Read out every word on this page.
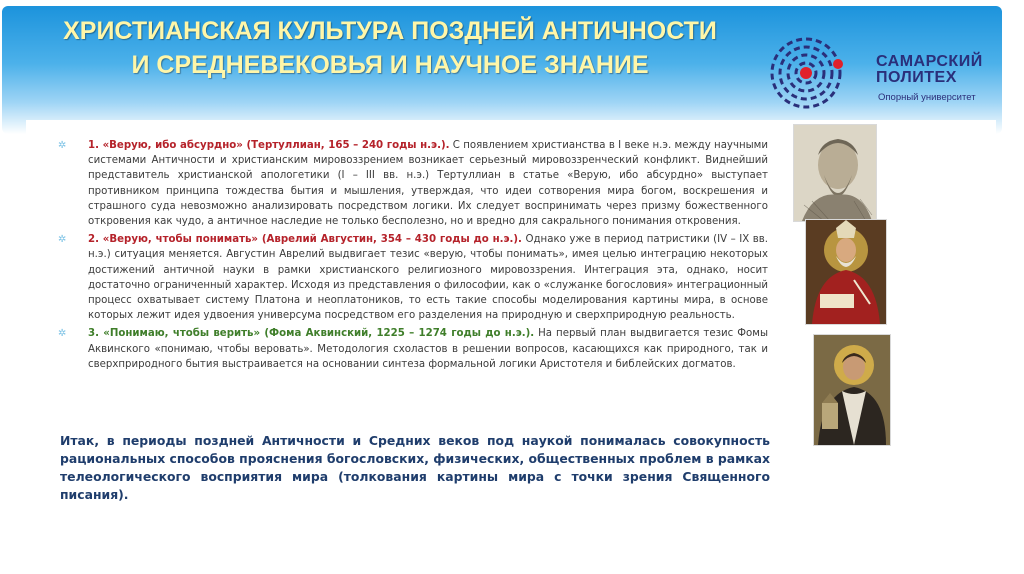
ХРИСТИАНСКАЯ КУЛЬТУРА ПОЗДНЕЙ АНТИЧНОСТИ И СРЕДНЕВЕКОВЬЯ И НАУЧНОЕ ЗНАНИЕ	САМАРСКИЙ
ПОЛИТЕХ
Опорный университет

✲ 1. «Верую, ибо абсурдно» (Тертуллиан, 165 – 240 годы н.э.). С появлением христианства в I веке н.э. между научными системами Античности и христианским мировоззрением возникает серьезный мировоззренческий конфликт. Виднейший представитель христианской апологетики (I – III вв. н.э.) Тертуллиан в статье «Верую, ибо абсурдно» выступает противником принципа тождества бытия и мышления, утверждая, что идеи сотворения мира богом, воскрешения и страшного суда невозможно анализировать посредством логики. Их следует воспринимать через призму божественного откровения как чудо, а античное наследие не только бесполезно, но и вредно для сакрального понимания откровения.

✲ 2. «Верую, чтобы понимать» (Аврелий Августин, 354 – 430 годы до н.э.). Однако уже в период патристики (IV – IX вв. н.э.) ситуация меняется. Августин Аврелий выдвигает тезис «верую, чтобы понимать», имея целью интеграцию некоторых достижений античной науки в рамки христианского религиозного мировоззрения. Интеграция эта, однако, носит достаточно ограниченный характер. Исходя из представления о философии, как о «служанке богословия» интеграционный процесс охватывает систему Платона и неоплатоников, то есть такие способы моделирования картины мира, в основе которых лежит идея удвоения универсума посредством его разделения на природную и сверхприродную реальность.

✲ 3. «Понимаю, чтобы верить» (Фома Аквинский, 1225 – 1274 годы до н.э.). На первый план выдвигается тезис Фомы Аквинского «понимаю, чтобы веровать». Методология схоластов в решении вопросов, касающихся как природного, так и сверхприродного бытия выстраивается на основании синтеза формальной логики Аристотеля и библейских догматов.

Итак, в периоды поздней Античности и Средних веков под наукой понималась совокупность рациональных способов прояснения богословских, физических, общественных проблем в рамках телеологического восприятия мира (толкования картины мира с точки зрения Священного писания).
